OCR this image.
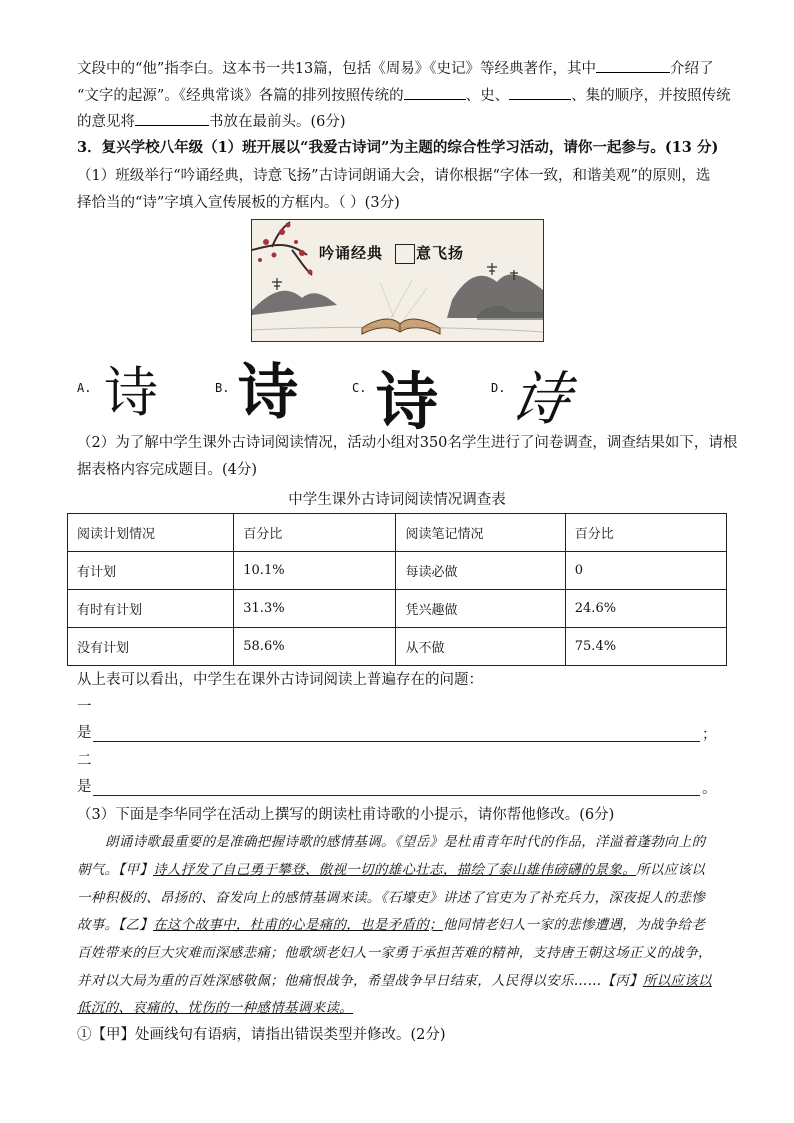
文段中的“他”指李白。这本书一共13篇，包括《周易》《史记》等经典著作，其中	介绍了
“文字的起源”。《经典常谈》各篇的排列按照传统的	、史、	、集的顺序，并按照传统
的意见将	书放在最前头。(6分)
3．复兴学校八年级（1）班开展以“我爱古诗词”为主题的综合性学习活动，请你一起参与。(13 分)
（1）班级举行“吟诵经典，诗意飞扬”古诗词朗诵大会，请你根据“字体一致，和谐美观”的原则，选
择恰当的“诗”字填入宣传展板的方框内。（ ）(3分)
吟诵经典 意飞扬
A. 诗	B. 诗	C. 诗	D. 诗
（2）为了解中学生课外古诗词阅读情况，活动小组对350名学生进行了问卷调查，调查结果如下，请根
据表格内容完成题目。(4分)
中学生课外古诗词阅读情况调查表
阅读计划情况	百分比	阅读笔记情况	百分比
有计划	10.1%	每读必做	0
有时有计划	31.3%	凭兴趣做	24.6%
没有计划	58.6%	从不做	75.4%
从上表可以看出，中学生在课外古诗词阅读上普遍存在的问题：
一
是	；
二
是	。
（3）下面是李华同学在活动上撰写的朗读杜甫诗歌的小提示，请你帮他修改。(6分)
朗诵诗歌最重要的是准确把握诗歌的感情基调。《望岳》是杜甫青年时代的作品，洋溢着蓬勃向上的
朝气。【甲】诗人抒发了自己勇于攀登、傲视一切的雄心壮志，描绘了泰山雄伟磅礴的景象。所以应该以
一种积极的、昂扬的、奋发向上的感情基调来读。《石壕吏》讲述了官吏为了补充兵力，深夜捉人的悲惨
故事。【乙】在这个故事中，杜甫的心是痛的，也是矛盾的；他同情老妇人一家的悲惨遭遇，为战争给老
百姓带来的巨大灾难而深感悲痛；他歌颂老妇人一家勇于承担苦难的精神，支持唐王朝这场正义的战争，
并对以大局为重的百姓深感敬佩；他痛恨战争，希望战争早日结束，人民得以安乐……【丙】所以应该以
低沉的、哀痛的、忧伤的一种感情基调来读。
①【甲】处画线句有语病，请指出错误类型并修改。(2分)
